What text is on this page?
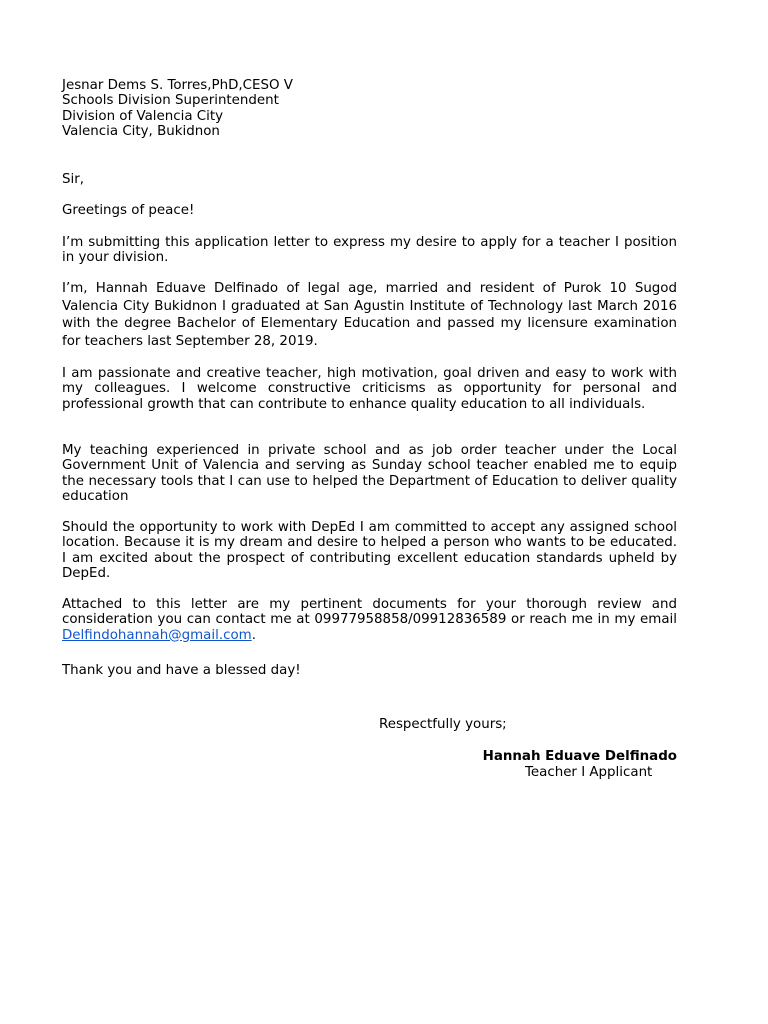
Jesnar Dems S. Torres,PhD,CESO V
Schools Division Superintendent
Division of Valencia City
Valencia City, Bukidnon

Sir,

Greetings of peace!

I’m submitting this application letter to express my desire to apply for a teacher I position in your division.

I’m, Hannah Eduave Delfinado of legal age, married and resident of Purok 10 Sugod Valencia City Bukidnon I graduated at San Agustin Institute of Technology last March 2016 with the degree Bachelor of Elementary Education and passed my licensure examination for teachers last September 28, 2019.

I am passionate and creative teacher, high motivation, goal driven and easy to work with my colleagues. I welcome constructive criticisms as opportunity for personal and professional growth that can contribute to enhance quality education to all individuals.

My teaching experienced in private school and as job order teacher under the Local Government Unit of Valencia and serving as Sunday school teacher enabled me to equip the necessary tools that I can use to helped the Department of Education to deliver quality education

Should the opportunity to work with DepEd I am committed to accept any assigned school location. Because it is my dream and desire to helped a person who wants to be educated. I am excited about the prospect of contributing excellent education standards upheld by DepEd.

Attached to this letter are my pertinent documents for your thorough review and consideration you can contact me at 09977958858/09912836589 or reach me in my email Delfindohannah@gmail.com.

Thank you and have a blessed day!

Respectfully yours;
Hannah Eduave Delfinado
Teacher I Applicant
